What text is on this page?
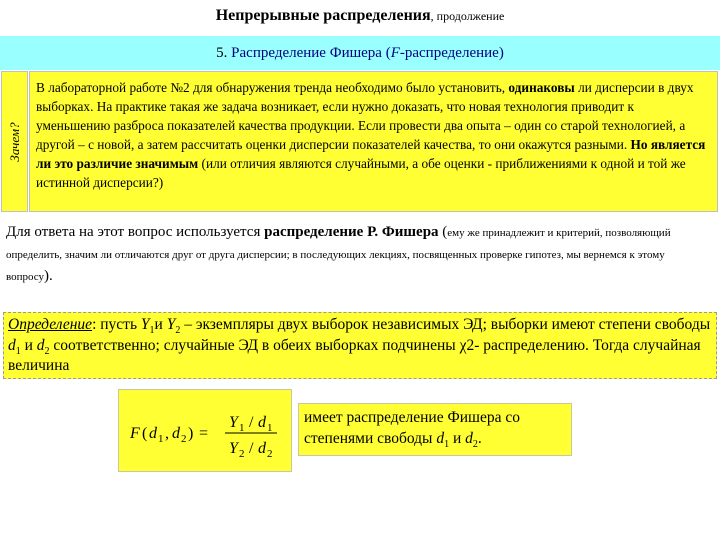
Непрерывные распределения, продолжение
5. Распределение Фишера (F-распределение)
Зачем?
В лабораторной работе №2 для обнаружения тренда необходимо было установить, одинаковы ли дисперсии в двух выборках. На практике такая же задача возникает, если нужно доказать, что новая технология приводит к уменьшению разброса показателей качества продукции. Если провести два опыта – один со старой технологией, а другой – с новой, а затем рассчитать оценки дисперсии показателей качества, то они окажутся разными. Но является ли это различие значимым (или отличия являются случайными, а обе оценки - приближениями к одной и той же истинной дисперсии?)
Для ответа на этот вопрос используется распределение Р. Фишера (ему же принадлежит и критерий, позволяющий определить, значим ли отличаются друг от друга дисперсии; в последующих лекциях, посвященных проверке гипотез, мы вернемся к этому вопросу).
Определение: пусть $Y_1и$ $Y_2$ – экземпляры двух выборок независимых ЭД; выборки имеют степени свободы $d_1$ и $d_2$ соответственно; случайные ЭД в обеих выборках подчинены χ2- распределению. Тогда случайная величина
F ( d 1 , d 2 ) =
Y 1 / d 1
Y 2 / d 2
имеет распределение Фишера со степенями свободы $d_1$ и $d_2$.
